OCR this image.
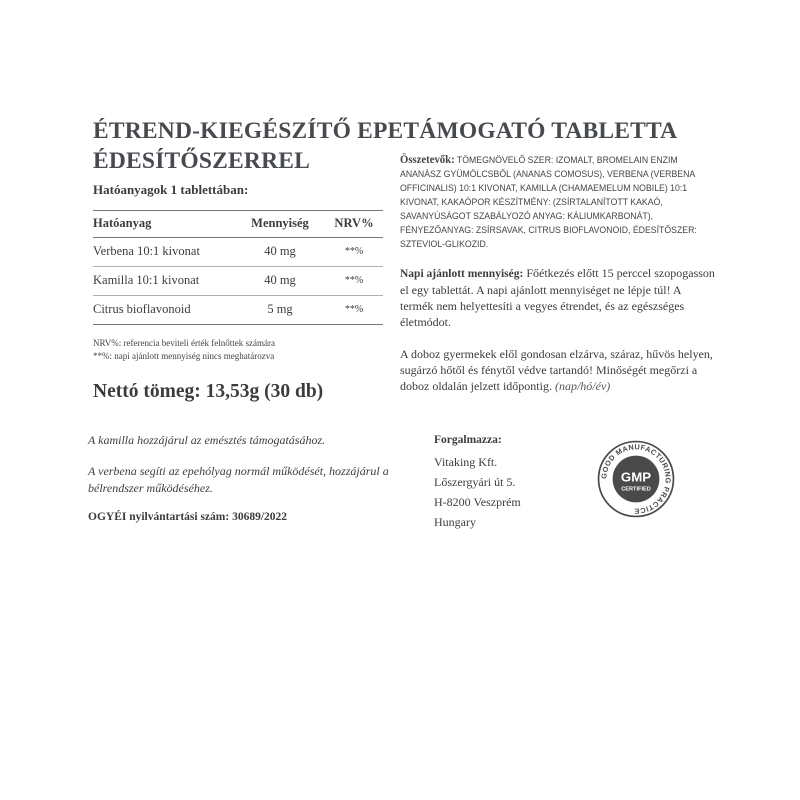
ÉTREND-KIEGÉSZÍTŐ EPETÁMOGATÓ TABLETTA
ÉDESÍTŐSZERREL
Hatóanyagok 1 tablettában:
Hatóanyag	Mennyiség	NRV%
Verbena 10:1 kivonat	40 mg	**%
Kamilla 10:1 kivonat	40 mg	**%
Citrus bioflavonoid	5 mg	**%
NRV%: referencia beviteli érték felnőttek számára
**%: napi ajánlott mennyiség nincs meghatározva
Nettó tömeg: 13,53g (30 db)
Összetevők: TÖMEGNÖVELŐ SZER: IZOMALT, BROMELAIN ENZIM ANANÁSZ GYÜMÖLCSBŐL (ANANAS COMOSUS), VERBENA (VERBENA OFFICINALIS) 10:1 KIVONAT, KAMILLA (CHAMAEMELUM NOBILE) 10:1 KIVONAT, KAKAÓPOR KÉSZÍTMÉNY: (ZSÍRTALANÍTOTT KAKAÓ, SAVANYÚSÁGOT SZABÁLYOZÓ ANYAG: KÁLIUMKARBONÁT), FÉNYEZŐANYAG: ZSÍRSAVAK, CITRUS BIOFLAVONOID, ÉDESÍTŐSZER: SZTEVIOL-GLIKOZID.
Napi ajánlott mennyiség: Főétkezés előtt 15 perccel szopogasson el egy tablettát. A napi ajánlott mennyiséget ne lépje túl! A termék nem helyettesíti a vegyes étrendet, és az egészséges életmódot.
A doboz gyermekek elől gondosan elzárva, száraz, hűvös helyen, sugárzó hőtől és fénytől védve tartandó! Minőségét megőrzi a doboz oldalán jelzett időpontig. (nap/hó/év)
A kamilla hozzájárul az emésztés támogatásához.
A verbena segíti az epehólyag normál működését, hozzájárul a bélrendszer működéséhez.
OGYÉI nyilvántartási szám: 30689/2022
Forgalmazza:
Vitaking Kft.
Lőszergyári út 5.
H-8200 Veszprém
Hungary
GOOD MANUFACTURING PRACTICE
GMP
CERTIFIED
